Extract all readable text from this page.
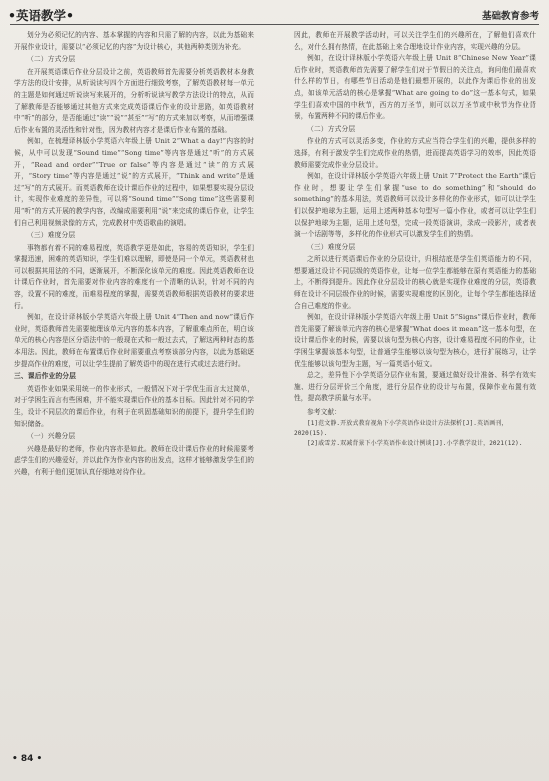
•英语教学•	基础教育参考
划分为必须记忆的内容、基本掌握的内容和只需了解的内容，以此为基础来开展作业设计，需要以“必须记忆的内容”为设计核心，其他两种类别为补充。
（二）方式分层
在开展英语课后作业分层设计之前，英语教师首先需要分析英语教材本身教学方法的设计安排，从听说读写四个方面进行细致考察，了解英语教材每一单元的主题是如何通过听说读写来展开的，分析听说读写教学方法设计的特点，从而了解教师是否能够通过其他方式来完成英语课后作业的设计思路，如英语教材中“听”的部分，是否能通过“读”“说”“甚至”“写”的方式来加以考察，从而增强课后作业布置的灵活性和针对性，因为教材内容才是课后作业布置的基础。
例如，在梳理译林版小学英语六年级上册 Unit 2“What a day!”内容的时候，从中可以发现“Sound time”“Song time”等内容是通过“听”的方式展开，“Read and order”“True or false”等内容是通过“读”的方式展开，“Story time”等内容是通过“说”的方式展开，“Think and write”是通过“写”的方式展开。而英语教师在设计课后作业的过程中，如果想要实现分层设计，实现作业难度的差异性，可以将“Sound time”“Song time”这些需要利用“听”的方式开展的教学内容，改编成需要利用“说”来完成的课后作业，让学生们自己利用视频录像的方式，完成教材中英语歌曲的演唱。
（三）难度分层
事物都有着不同的难易程度，英语教学更是如此，容易的英语知识，学生们掌握迅速，困难的英语知识，学生们难以理解，即使是同一个单元，英语教材也可以根据其用法的不同，逐渐展开，不断深化该单元的难度。因此英语教师在设计课后作业时，首先需要对作业内容的难度有一个清晰的认识，针对不同的内容，设置不同的难度，而难易程度的掌握，需要英语教师根据英语教材的要求进行。
例如，在设计译林版小学英语六年级上册 Unit 4“Then and now”课后作业时，英语教师首先需要梳理该单元内容的基本内容，了解重难点所在，明白该单元的核心内容是区分语法中的一般现在式和一般过去式，了解这两种时态的基本用法。因此，教师在布置课后作业时需要重点考察该部分内容，以此为基础逐步提高作业的难度，可以让学生提前了解英语中的现在进行式或过去进行时。
三、课后作业的分层
英语作业如果采用统一的作业形式，一般情况下对于学优生而言太过简单，对于学困生而言有些困难，并不能实现课后作业的基本目标。因此针对不同的学生，设计不同层次的课后作业，有利于在巩固基础知识的前提下，提升学生们的知识储备。
（一）兴趣分层
兴趣是最好的老师，作业内容亦是如此。教师在设计课后作业的时候需要考虑学生们的兴趣爱好，并以此作为作业内容的出发点，这样才能够激发学生们的兴趣，有利于他们更加认真仔细地对待作业。
因此，教师在开展教学活动时，可以关注学生们的兴趣所在，了解他们喜欢什么，对什么拥有热情，在此基础上来合理地设计作业内容，实现兴趣的分层。
例如，在设计译林版小学英语六年级上册 Unit 8“Chinese New Year”课后作业时，英语教师首先需要了解学生们对于节假日的关注点，询问他们最喜欢什么样的节日，有哪些节日活动是他们最想开展的，以此作为课后作业的出发点，如该单元活动的核心是掌握“What are going to do”这一基本句式，如果学生们喜欢中国的中秋节，西方的万圣节，则可以以万圣节或中秋节为作业背景，布置两种不同的课后作业。
（二）方式分层
作业的方式可以灵活多变，作业的方式应当符合学生们的兴趣，提供多样的选择，有利于激发学生们完成作业的热情，进而提高英语学习的效率，因此英语教师需要完成作业分层设计。
例如，在设计译林版小学英语六年级上册 Unit 7“Protect the Earth”课后作业时，想要让学生们掌握“use to do something”和“should do something”的基本用法，英语教师可以设计多样化的作业形式，如可以让学生们以保护地球为主题，运用上述两种基本句型写一篇小作业，或者可以让学生们以保护地球为主题，运用上述句型，完成一段英语演讲，录成一段影片，或者表演一个话剧等等，多样化的作业形式可以激发学生们的热情。
（三）难度分层
之所以进行英语课后作业的分层设计，归根结底是学生们英语能力的不同，想要通过设计不同层级的英语作业，让每一位学生都能够在原有英语能力的基础上，不断得到提升。因此作业分层设计的核心就是实现作业难度的分层，英语教师在设计不同层级作业的时候，需要实现难度的区别化，让每个学生都能选择适合自己难度的作业。
例如，在设计译林版小学英语六年级上册 Unit 5“Signs”课后作业时，教师首先需要了解该单元内容的核心是掌握“What does it mean”这一基本句型，在设计课后作业的时候，需要以该句型为核心内容，设计难易程度不同的作业，让学困生掌握该基本句型，让普通学生能够以该句型为核心，进行扩展练习，让学优生能够以该句型为主题，写一篇英语小短文。
总之，差异性下小学英语分层作业布置，要通过做好设计准备、科学有效实施、进行分层评价三个角度，进行分层作业的设计与布置，保障作业布置有效性，提高教学质量与水平。
参考文献：
[1]范文静.开放式教育视角下小学英语作业设计方法探析[J].英语画刊，2020(15).
[2]戚雪芳.双减背景下小学英语作业设计例谈[J].小学教学设计，2021(12).
• 84 •
